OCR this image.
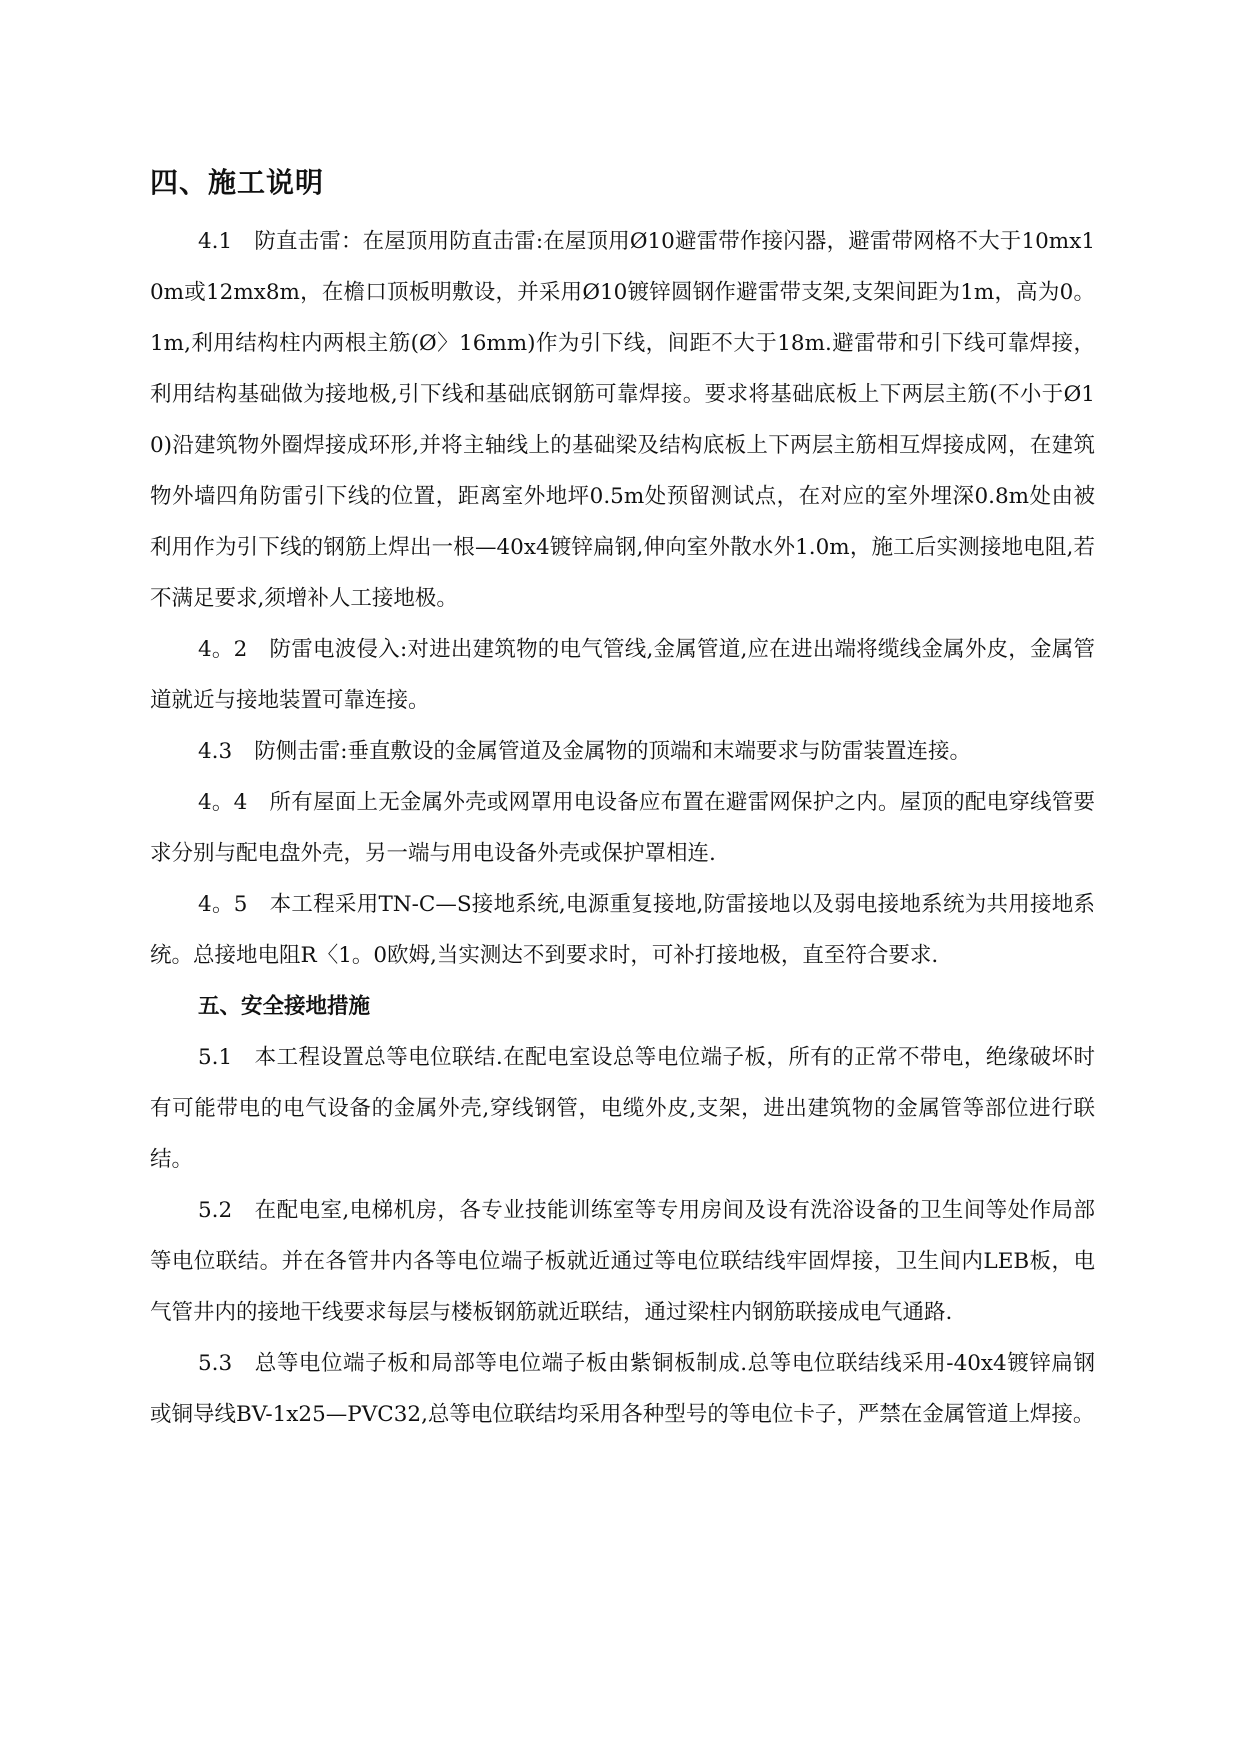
四、施工说明

4.1 防直击雷：在屋顶用防直击雷:在屋顶用Ø10避雷带作接闪器，避雷带网格不大于10mx10m或12mx8m，在檐口顶板明敷设，并采用Ø10镀锌圆钢作避雷带支架,支架间距为1m，高为0。1m,利用结构柱内两根主筋(Ø〉16mm)作为引下线，间距不大于18m.避雷带和引下线可靠焊接，利用结构基础做为接地极,引下线和基础底钢筋可靠焊接。要求将基础底板上下两层主筋(不小于Ø10)沿建筑物外圈焊接成环形,并将主轴线上的基础梁及结构底板上下两层主筋相互焊接成网，在建筑物外墙四角防雷引下线的位置，距离室外地坪0.5m处预留测试点，在对应的室外埋深0.8m处由被利用作为引下线的钢筋上焊出一根—40x4镀锌扁钢,伸向室外散水外1.0m，施工后实测接地电阻,若不满足要求,须增补人工接地极。

4。2 防雷电波侵入:对进出建筑物的电气管线,金属管道,应在进出端将缆线金属外皮，金属管道就近与接地装置可靠连接。

4.3 防侧击雷:垂直敷设的金属管道及金属物的顶端和末端要求与防雷装置连接。

4。4 所有屋面上无金属外壳或网罩用电设备应布置在避雷网保护之内。屋顶的配电穿线管要求分别与配电盘外壳，另一端与用电设备外壳或保护罩相连.

4。5 本工程采用TN-C—S接地系统,电源重复接地,防雷接地以及弱电接地系统为共用接地系统。总接地电阻R〈1。0欧姆,当实测达不到要求时，可补打接地极，直至符合要求.

五、安全接地措施

5.1 本工程设置总等电位联结.在配电室设总等电位端子板，所有的正常不带电，绝缘破坏时有可能带电的电气设备的金属外壳,穿线钢管，电缆外皮,支架，进出建筑物的金属管等部位进行联结。

5.2 在配电室,电梯机房，各专业技能训练室等专用房间及设有洗浴设备的卫生间等处作局部等电位联结。并在各管井内各等电位端子板就近通过等电位联结线牢固焊接，卫生间内LEB板，电气管井内的接地干线要求每层与楼板钢筋就近联结，通过梁柱内钢筋联接成电气通路.

5.3 总等电位端子板和局部等电位端子板由紫铜板制成.总等电位联结线采用-40x4镀锌扁钢或铜导线BV-1x25—PVC32,总等电位联结均采用各种型号的等电位卡子，严禁在金属管道上焊接。
